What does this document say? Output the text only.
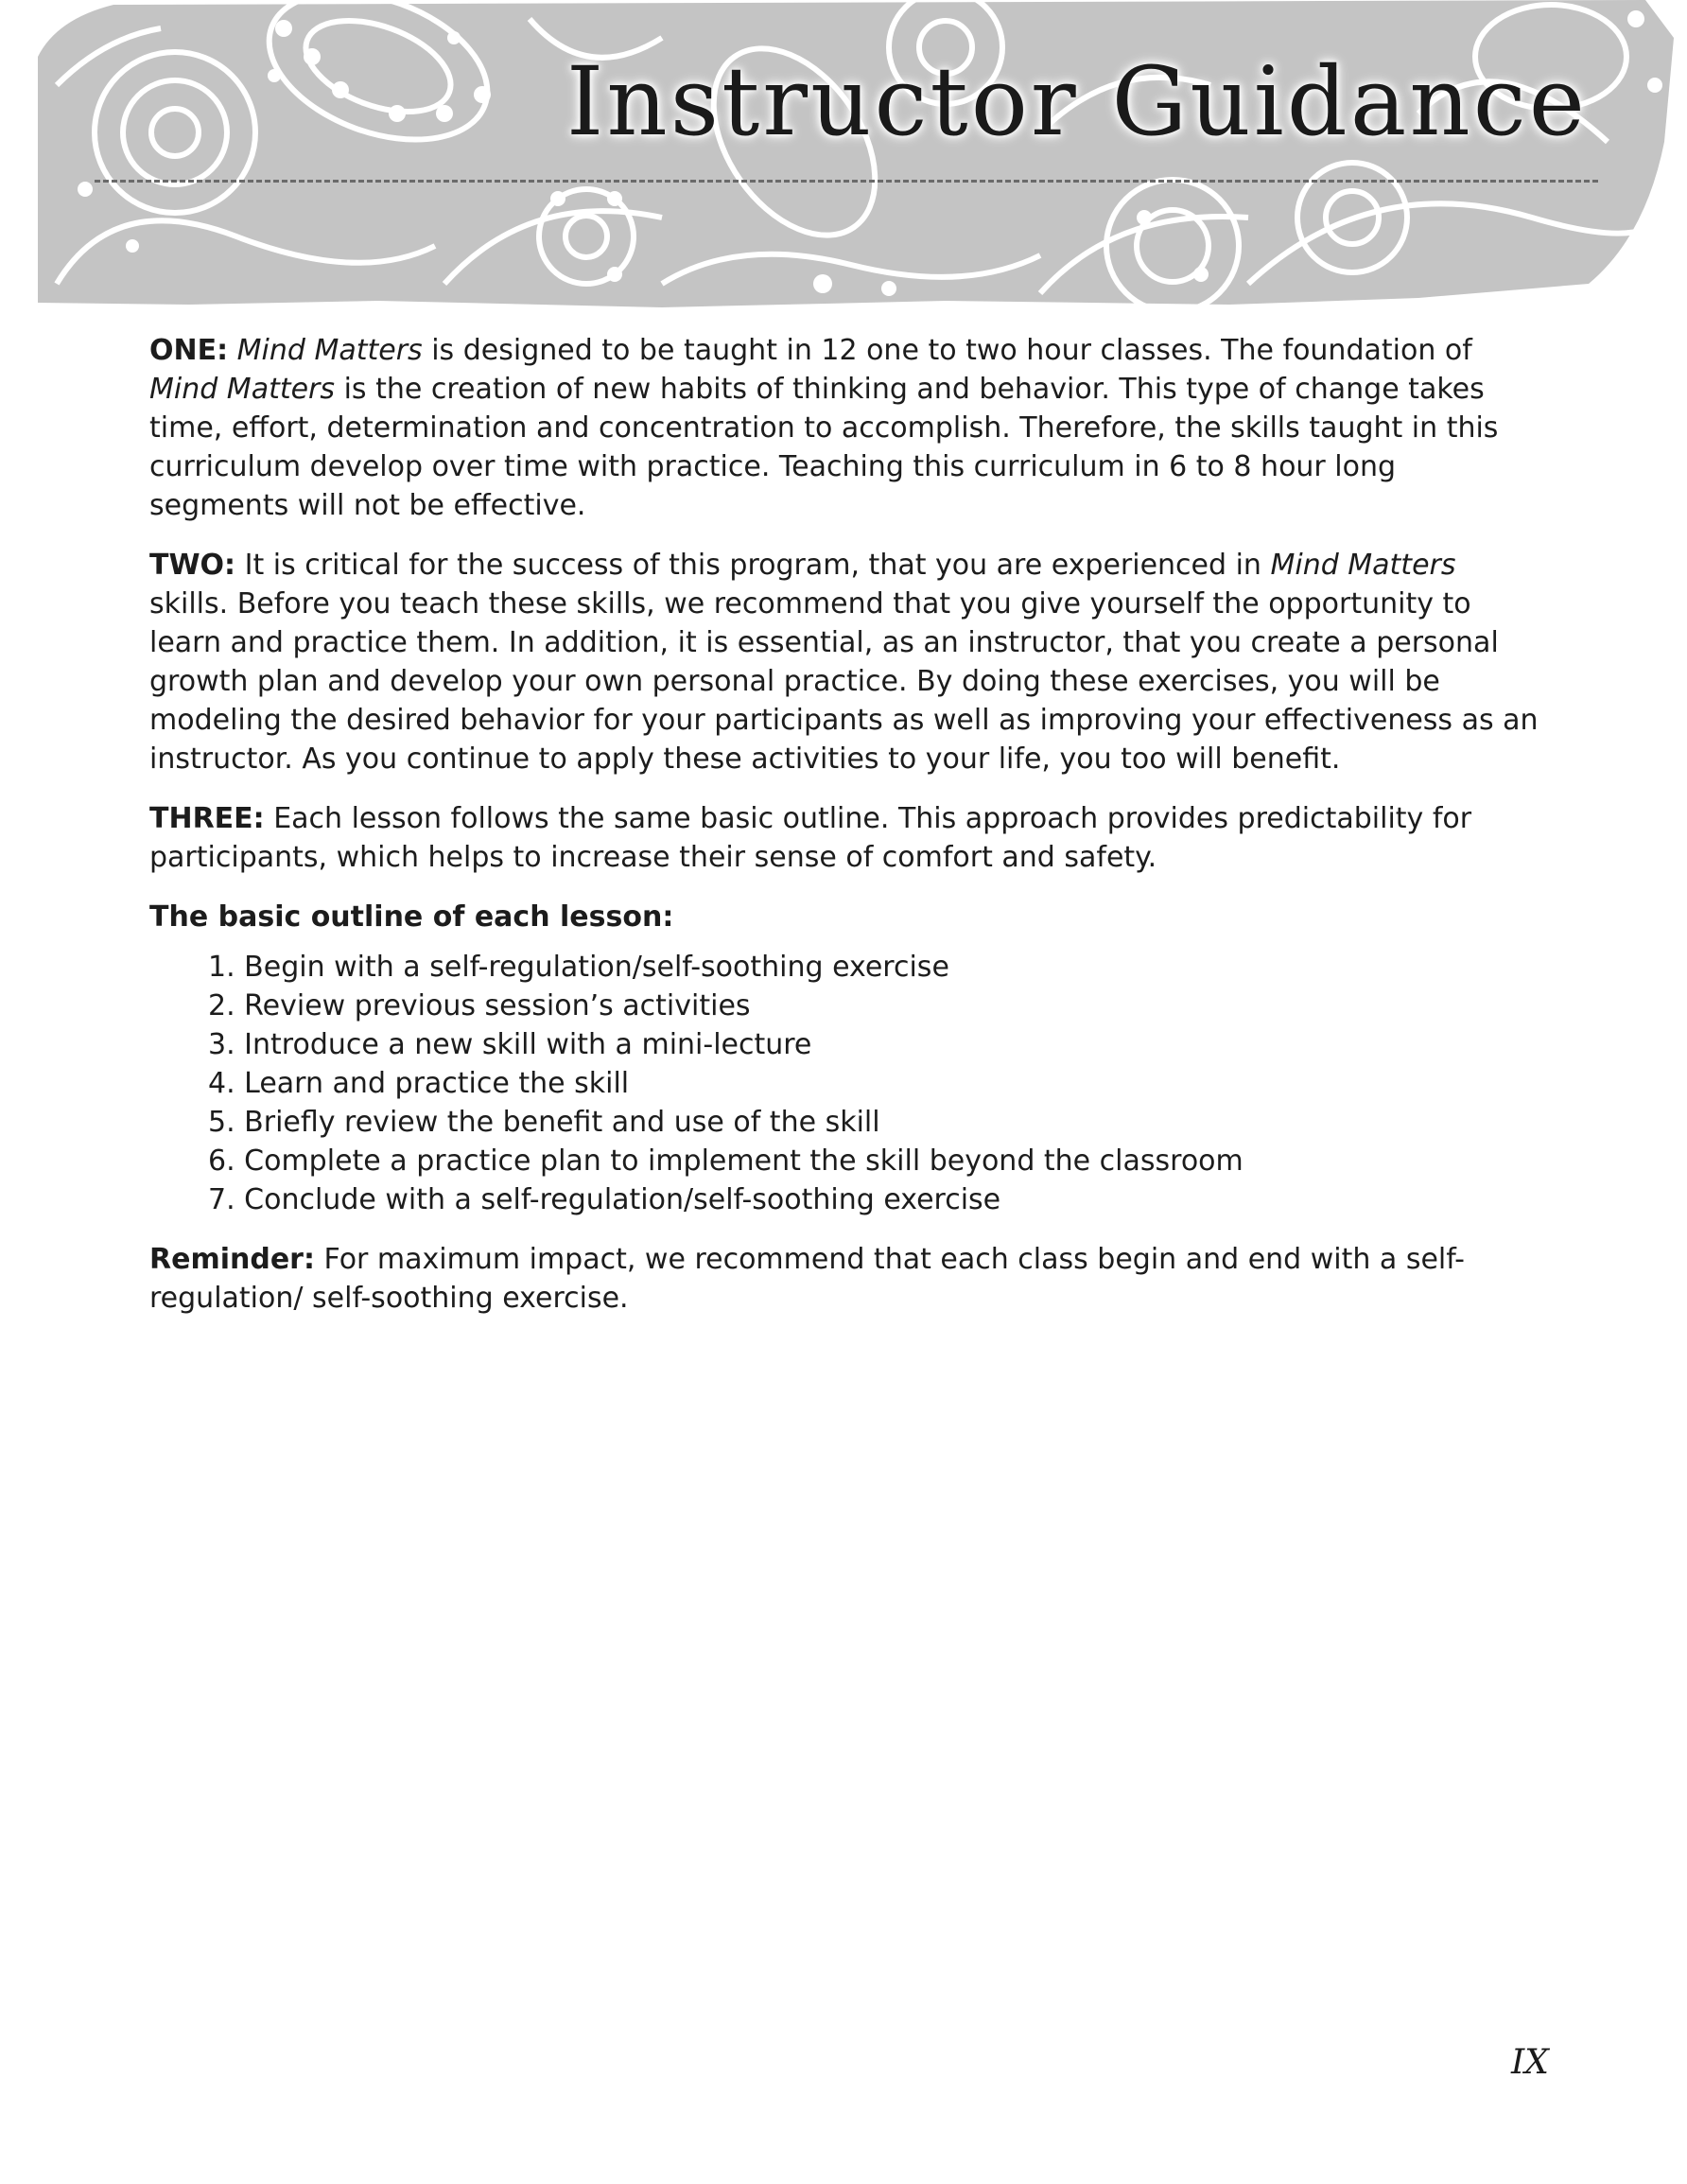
Instructor Guidance

ONE: Mind Matters is designed to be taught in 12 one to two hour classes. The foundation of Mind Matters is the creation of new habits of thinking and behavior. This type of change takes time, effort, determination and concentration to accomplish. Therefore, the skills taught in this curriculum develop over time with practice. Teaching this curriculum in 6 to 8 hour long segments will not be effective.

TWO: It is critical for the success of this program, that you are experienced in Mind Matters skills. Before you teach these skills, we recommend that you give yourself the opportunity to learn and practice them. In addition, it is essential, as an instructor, that you create a personal growth plan and develop your own personal practice. By doing these exercises, you will be modeling the desired behavior for your participants as well as improving your effectiveness as an instructor. As you continue to apply these activities to your life, you too will benefit.

THREE: Each lesson follows the same basic outline. This approach provides predictability for participants, which helps to increase their sense of comfort and safety.

The basic outline of each lesson:
1. Begin with a self-regulation/self-soothing exercise
2. Review previous session’s activities
3. Introduce a new skill with a mini-lecture
4. Learn and practice the skill
5. Briefly review the benefit and use of the skill
6. Complete a practice plan to implement the skill beyond the classroom
7. Conclude with a self-regulation/self-soothing exercise

Reminder: For maximum impact, we recommend that each class begin and end with a self-regulation/ self-soothing exercise.

IX
